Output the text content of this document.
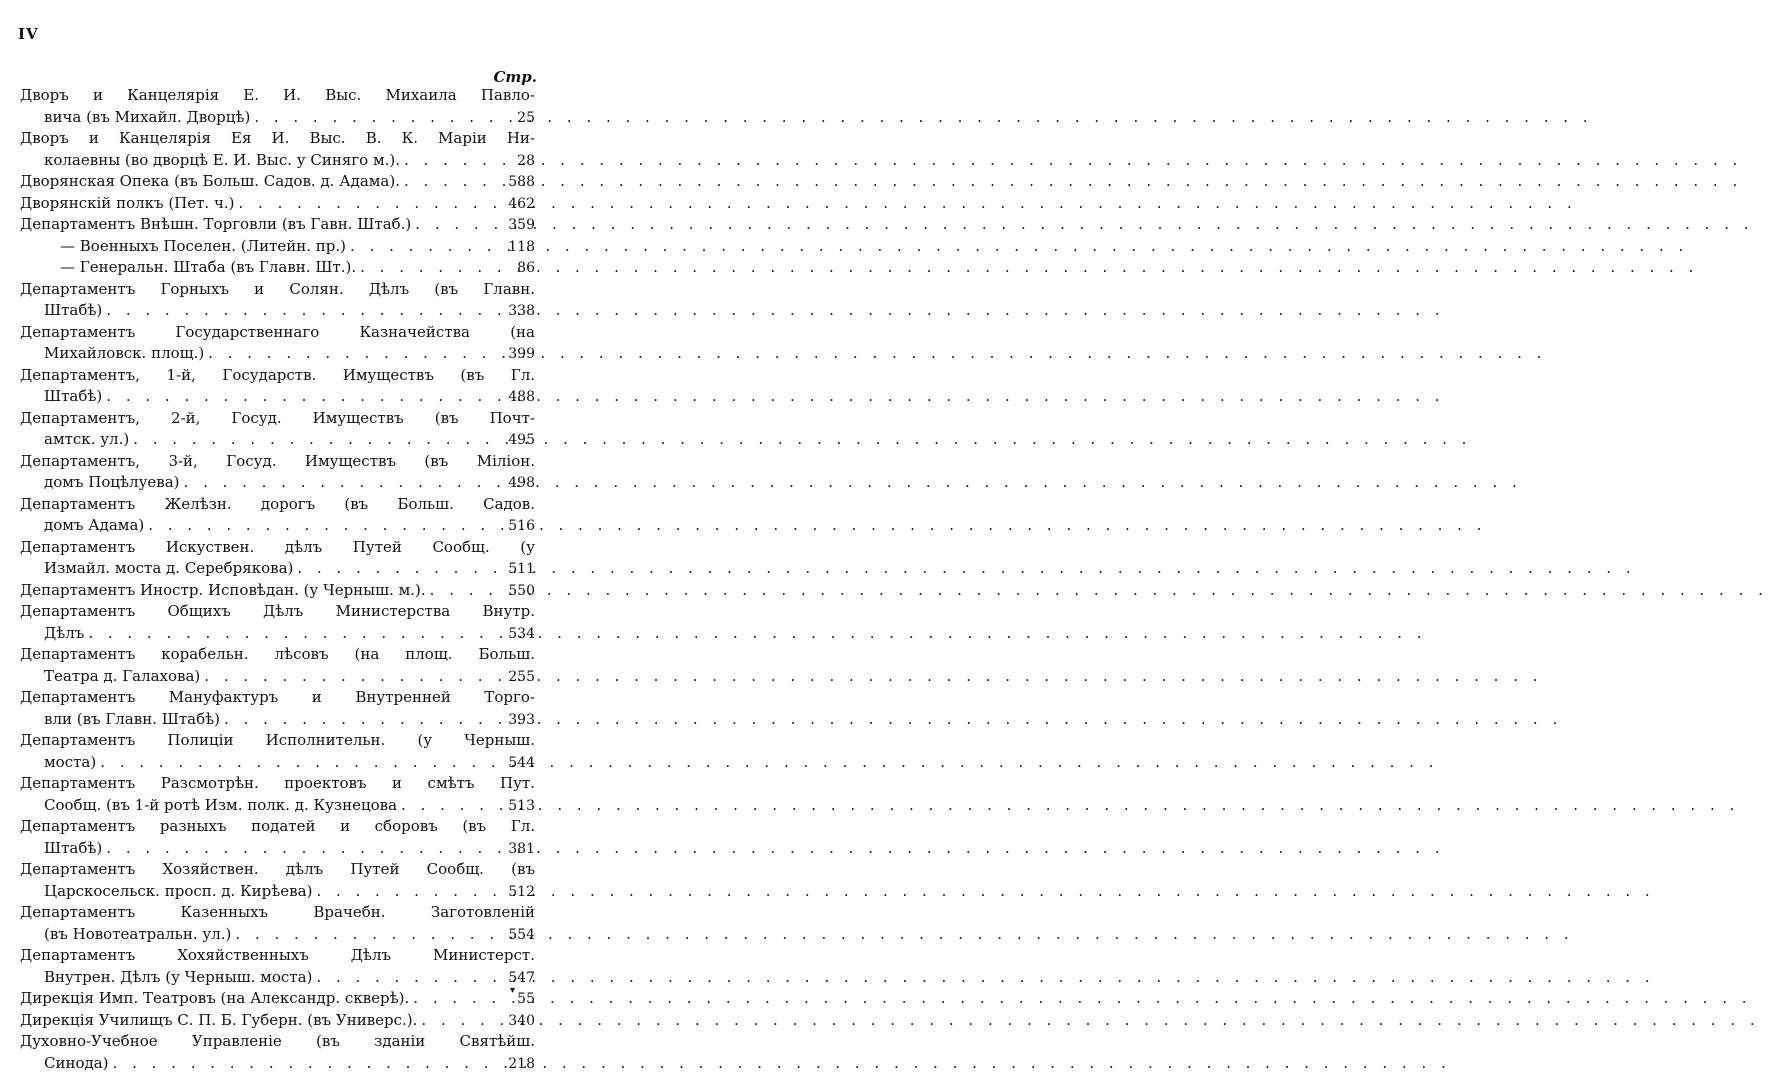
IV
Стр.
Дворъ и Канцелярія Е. И. Выс. Михаила Павло-
вича (въ Михайл. Дворцѣ) . . .	25
Дворъ и Канцелярія Ея И. Выс. В. К. Маріи Ни-
колаевны (во дворцѣ Е. И. Выс. у Синяго м.). . . .	28
Дворянская Опека (въ Больш. Садов. д. Адама). . . .	588
Дворянскій полкъ (Пет. ч.) . . .	462
Департаментъ Внѣшн. Торговли (въ Гавн. Штаб.) . . .	359
— Военныхъ Поселен. (Литейн. пр.) . . .	118
— Генеральн. Штаба (въ Главн. Шт.). . . .	86
Департаментъ Горныхъ и Солян. Дѣлъ (въ Главн.
Штабѣ) . . .	338
Департаментъ Государственнаго Казначейства (на
Михайловск. площ.) . . .	399
Департаментъ, 1-й, Государств. Имуществъ (въ Гл.
Штабѣ) . . .	488
Департаментъ, 2-й, Госуд. Имуществъ (въ Почт-
амтск. ул.) . . .	495
Департаментъ, 3-й, Госуд. Имуществъ (въ Міліон.
домъ Поцѣлуева) . . .	498
Департаментъ Желѣзн. дорогъ (въ Больш. Садов.
домъ Адама) . . .	516
Департаментъ Искуствен. дѣлъ Путей Сообщ. (у
Измайл. моста д. Серебрякова) . . .	511
Департаментъ Иностр. Исповѣдан. (у Черныш. м.). . . .	550
Департаментъ Общихъ Дѣлъ Министерства Внутр.
Дѣлъ . . .	534
Департаментъ корабельн. лѣсовъ (на площ. Больш.
Театра д. Галахова) . . .	255
Департаментъ Мануфактуръ и Внутренней Торго-
вли (въ Главн. Штабѣ) . . .	393
Департаментъ Полиціи Исполнительн. (у Черныш.
моста) . . .	544
Департаментъ Разсмотрѣн. проектовъ и смѣтъ Пут.
Сообщ. (въ 1-й ротѣ Изм. полк. д. Кузнецова . . .	513
Департаментъ разныхъ податей и сборовъ (въ Гл.
Штабѣ) . . .	381
Департаментъ Хозяйствен. дѣлъ Путей Сообщ. (въ
Царскосельск. просп. д. Кирѣева) . . .	512
Департаментъ Казенныхъ Врачебн. Заготовленій
(въ Новотеатральн. ул.) . . .	554
Департаментъ Хохяйственныхъ Дѣлъ Министерст.
Внутрен. Дѣлъ (у Черныш. моста) . . .	547
Дирекція Имп. Театровъ (на Александр. скверѣ). . . .	55
Дирекція Училищъ С. П. Б. Губерн. (въ Универс.). . . .	340
Духовно-Учебное Управленіе (въ зданіи Святѣйш.
Синода) . . .	218
▾
